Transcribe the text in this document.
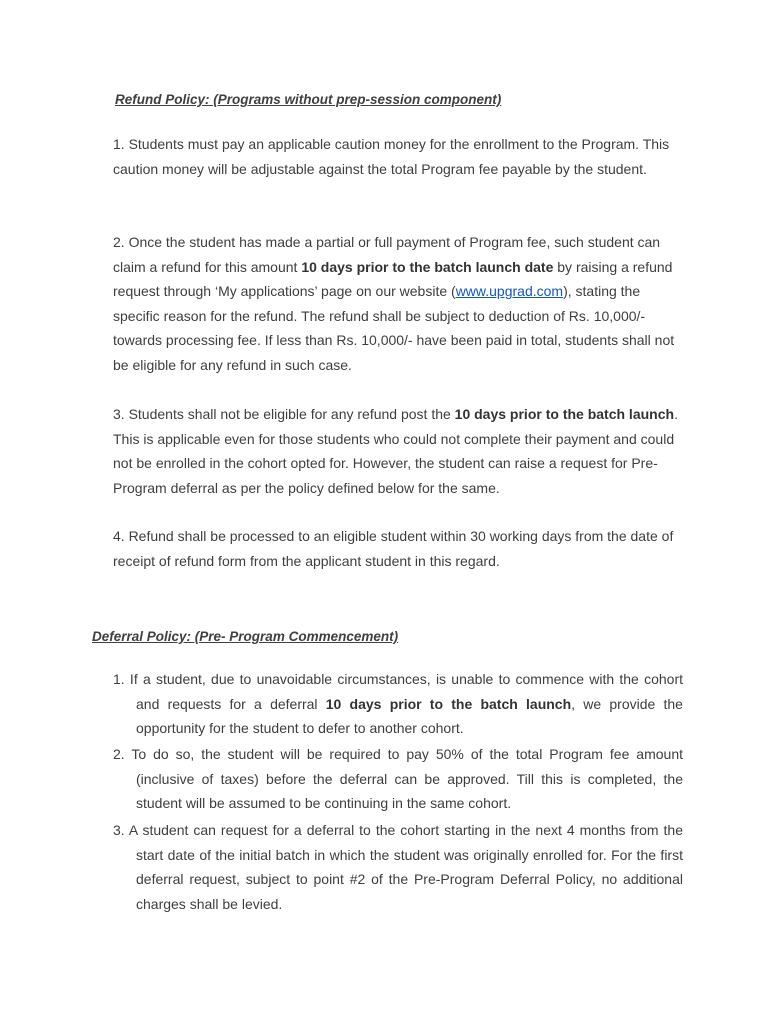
Refund Policy: (Programs without prep-session component)
1. Students must pay an applicable caution money for the enrollment to the Program. This caution money will be adjustable against the total Program fee payable by the student.
2. Once the student has made a partial or full payment of Program fee, such student can claim a refund for this amount 10 days prior to the batch launch date by raising a refund request through ‘My applications’ page on our website (www.upgrad.com), stating the specific reason for the refund. The refund shall be subject to deduction of Rs. 10,000/- towards processing fee. If less than Rs. 10,000/- have been paid in total, students shall not be eligible for any refund in such case.
3. Students shall not be eligible for any refund post the 10 days prior to the batch launch. This is applicable even for those students who could not complete their payment and could not be enrolled in the cohort opted for. However, the student can raise a request for Pre-Program deferral as per the policy defined below for the same.
4. Refund shall be processed to an eligible student within 30 working days from the date of receipt of refund form from the applicant student in this regard.
Deferral Policy: (Pre- Program Commencement)
1. If a student, due to unavoidable circumstances, is unable to commence with the cohort and requests for a deferral 10 days prior to the batch launch, we provide the opportunity for the student to defer to another cohort.
2. To do so, the student will be required to pay 50% of the total Program fee amount (inclusive of taxes) before the deferral can be approved. Till this is completed, the student will be assumed to be continuing in the same cohort.
3. A student can request for a deferral to the cohort starting in the next 4 months from the start date of the initial batch in which the student was originally enrolled for. For the first deferral request, subject to point #2 of the Pre-Program Deferral Policy, no additional charges shall be levied.
